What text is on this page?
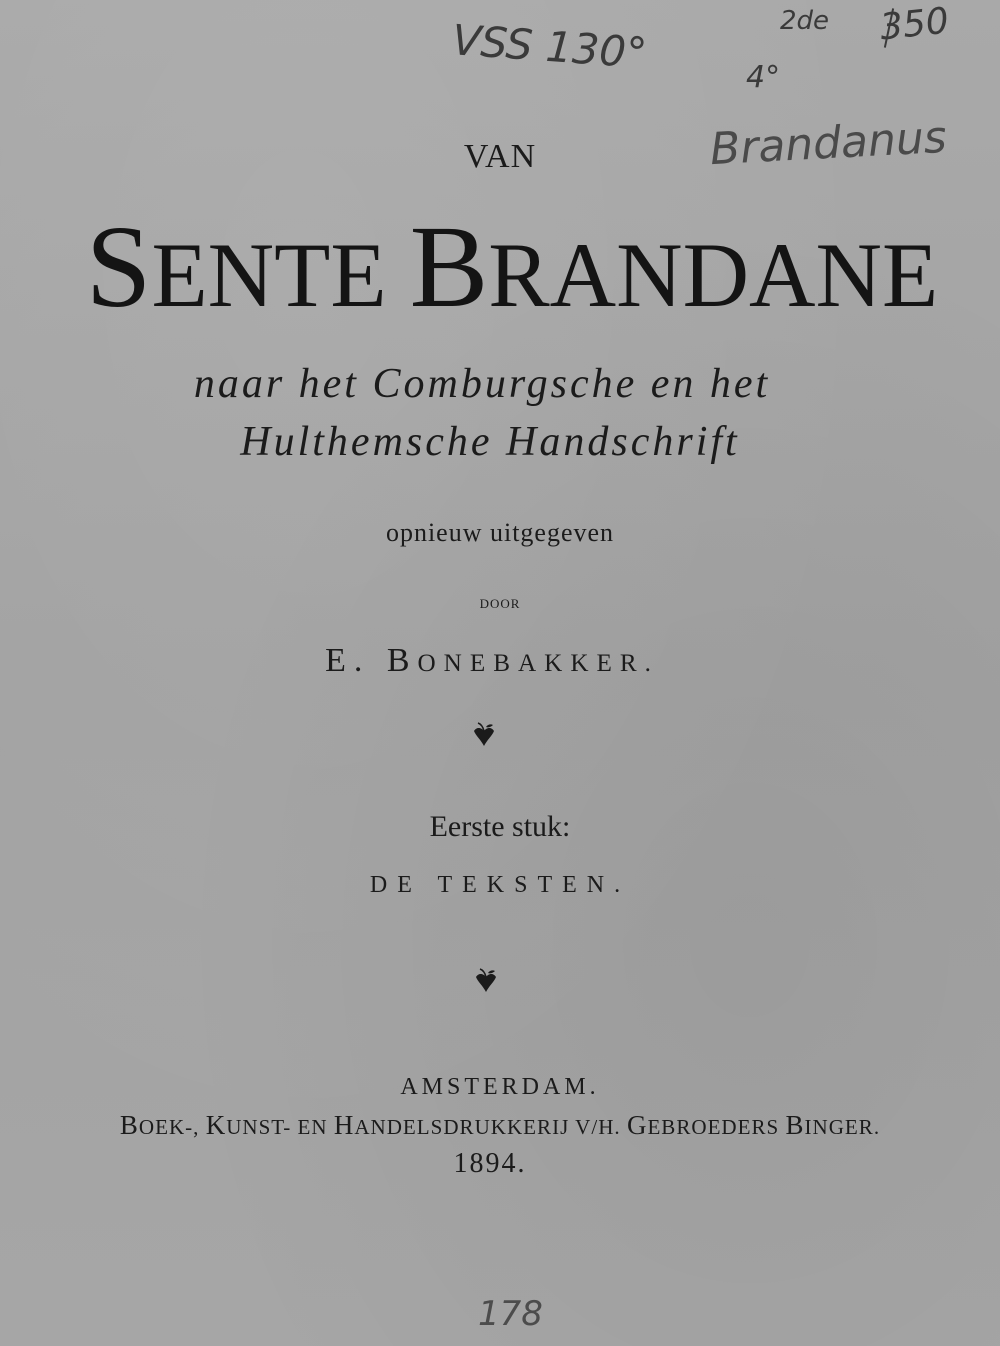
VSS 130°	2de 350
4°
Brandanus
VAN
SENTE BRANDANE
naar het Comburgsche en het
Hulthemsche Handschrift
opnieuw uitgegeven
DOOR
E. BONEBAKKER.
Eerste stuk:
DE TEKSTEN.
AMSTERDAM.
BOEK-, KUNST- EN HANDELSDRUKKERIJ V/H. GEBROEDERS BINGER.
1894.
178
